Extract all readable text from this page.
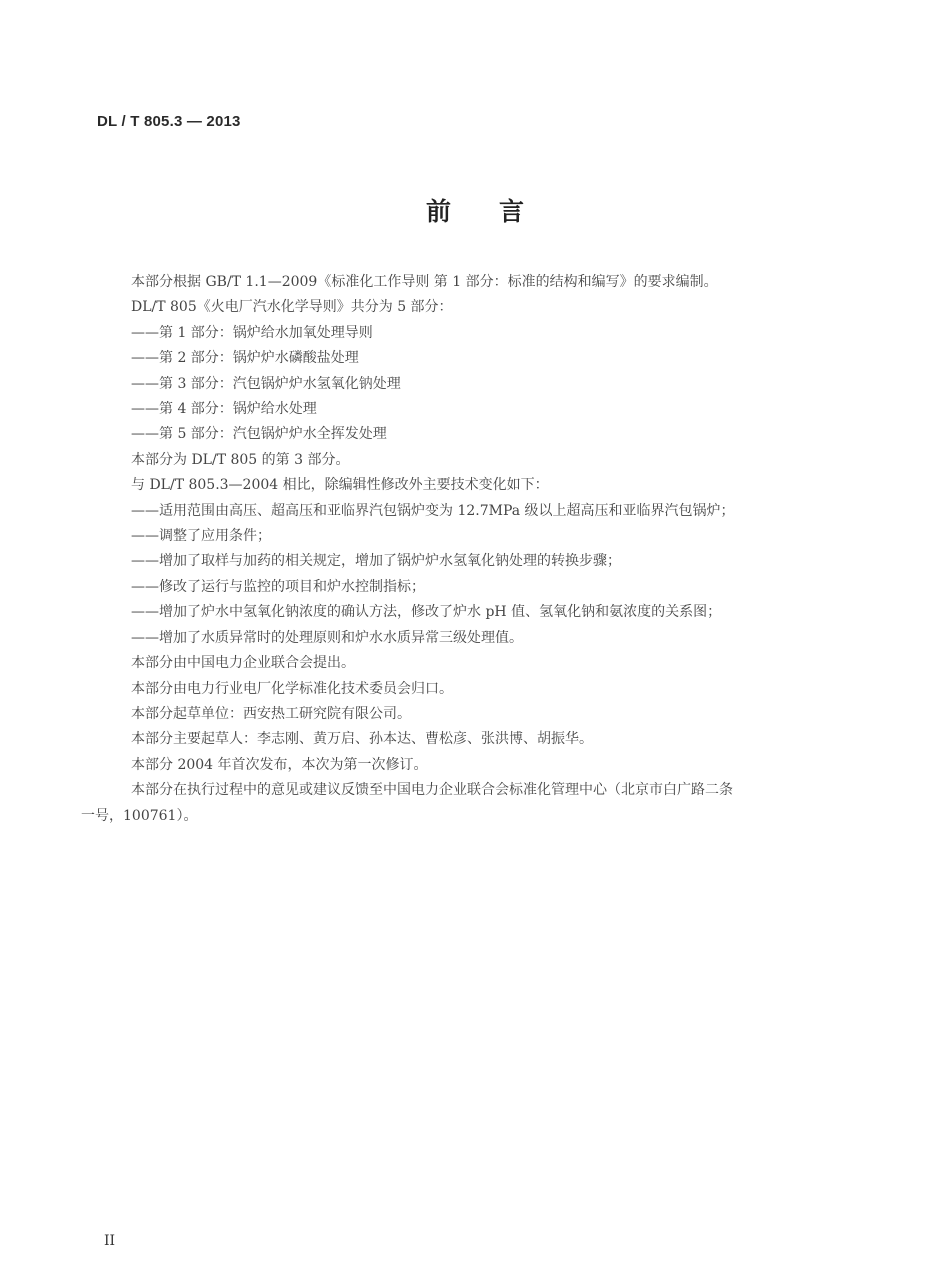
DL / T 805.3 — 2013
前言

本部分根据 GB/T 1.1—2009《标准化工作导则 第 1 部分：标准的结构和编写》的要求编制。

DL/T 805《火电厂汽水化学导则》共分为 5 部分：

——第 1 部分：锅炉给水加氧处理导则

——第 2 部分：锅炉炉水磷酸盐处理

——第 3 部分：汽包锅炉炉水氢氧化钠处理

——第 4 部分：锅炉给水处理

——第 5 部分：汽包锅炉炉水全挥发处理

本部分为 DL/T 805 的第 3 部分。

与 DL/T 805.3—2004 相比，除编辑性修改外主要技术变化如下：

——适用范围由高压、超高压和亚临界汽包锅炉变为 12.7MPa 级以上超高压和亚临界汽包锅炉；

——调整了应用条件；

——增加了取样与加药的相关规定，增加了锅炉炉水氢氧化钠处理的转换步骤；

——修改了运行与监控的项目和炉水控制指标；

——增加了炉水中氢氧化钠浓度的确认方法，修改了炉水 pH 值、氢氧化钠和氨浓度的关系图；

——增加了水质异常时的处理原则和炉水水质异常三级处理值。

本部分由中国电力企业联合会提出。

本部分由电力行业电厂化学标准化技术委员会归口。

本部分起草单位：西安热工研究院有限公司。

本部分主要起草人：李志刚、黄万启、孙本达、曹松彦、张洪博、胡振华。

本部分 2004 年首次发布，本次为第一次修订。

本部分在执行过程中的意见或建议反馈至中国电力企业联合会标准化管理中心（北京市白广路二条
一号，100761）。

II
